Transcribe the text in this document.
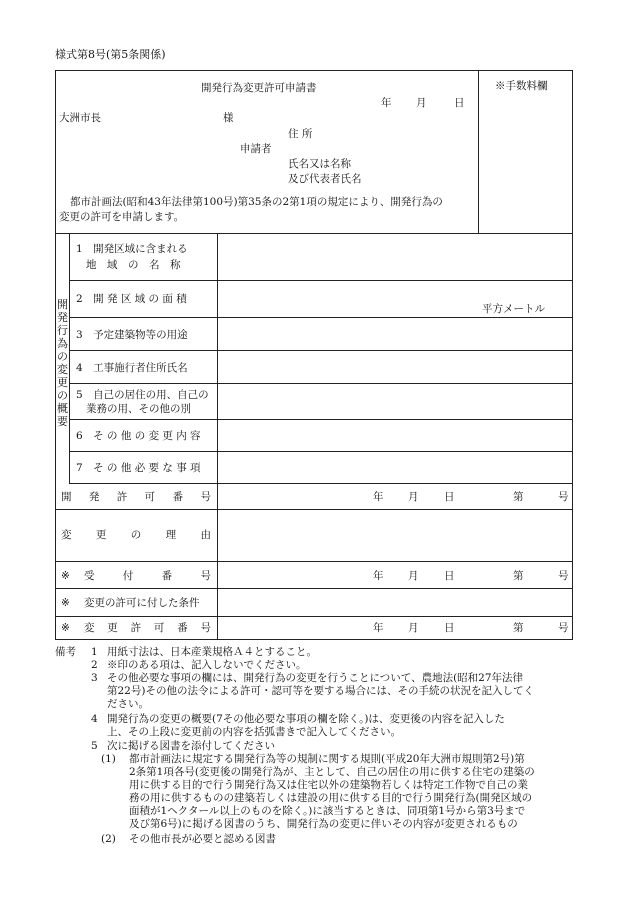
様式第8号(第5条関係)
開発行為変更許可申請書
年 月	日
大洲市長	様
住 所
申請者
氏名又は名称
及び代表者氏名
都市計画法(昭和43年法律第100号)第35条の2第1項の規定により、開発行為の
変更の許可を申請します。
※手数料欄
開発行為の変更の概要
1　開発区域に含まれる
地　域　の　名　称
2　開 発 区 域 の 面 積
平方メートル
3　予定建築物等の用途
4　工事施行者住所氏名
5　自己の居住の用、自己の
業務の用、その他の別
6　そ の 他 の 変 更 内 容
7　そ の 他 必 要 な 事 項
開 発 許 可 番 号	年 月 日	第	号
変 更 の 理 由
※ 受	付	番	号	年 月 日	第	号
※ 変更の許可に付した条件
※ 変 更 許 可 番 号	年 月 日	第	号
備考 1 用紙寸法は、日本産業規格Ａ４とすること。
2 ※印のある項は、記入しないでください。
3 その他必要な事項の欄には、開発行為の変更を行うことについて、農地法(昭和27年法律
第22号)その他の法令による許可・認可等を要する場合には、その手続の状況を記入してく
ださい。
4 開発行為の変更の概要(7その他必要な事項の欄を除く。)は、変更後の内容を記入した
上、その上段に変更前の内容を括弧書きで記入してください。
5 次に掲げる図書を添付してください
(1) 都市計画法に規定する開発行為等の規制に関する規則(平成20年大洲市規則第2号)第
2条第1項各号(変更後の開発行為が、主として、自己の居住の用に供する住宅の建築の
用に供する目的で行う開発行為又は住宅以外の建築物若しくは特定工作物で自己の業
務の用に供するものの建築若しくは建設の用に供する目的で行う開発行為(開発区域の
面積が1ヘクタール以上のものを除く。)に該当するときは、同項第1号から第3号まで
及び第6号)に掲げる図書のうち、開発行為の変更に伴いその内容が変更されるもの
(2) その他市長が必要と認める図書
